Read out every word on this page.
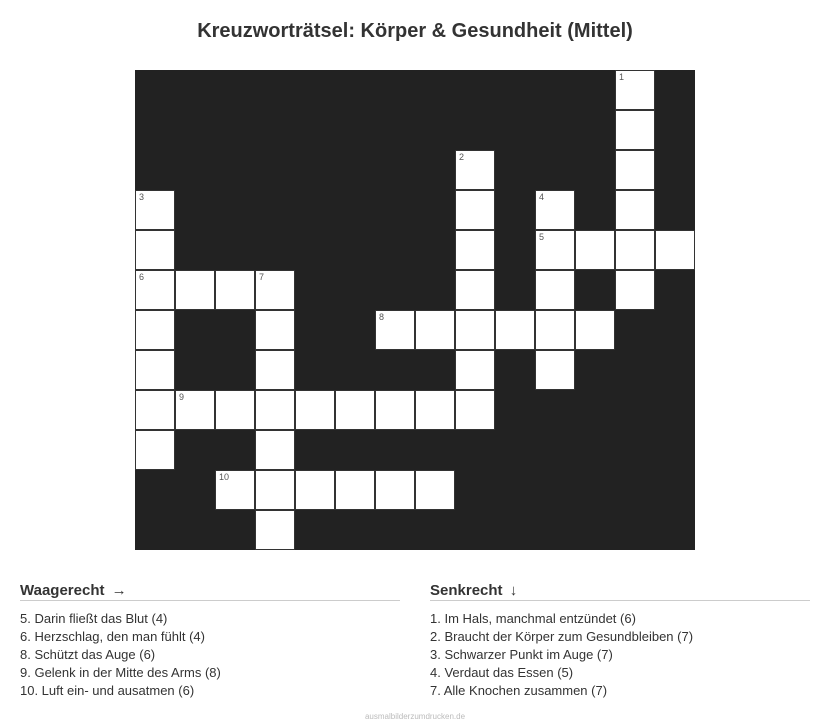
Kreuzworträtsel: Körper & Gesundheit (Mittel)
1
2
3	4
5
6	7
8
9
10
Waagerecht →
5. Darin fließt das Blut (4)
6. Herzschlag, den man fühlt (4)
8. Schützt das Auge (6)
9. Gelenk in der Mitte des Arms (8)
10. Luft ein- und ausatmen (6)
Senkrecht ↓
1. Im Hals, manchmal entzündet (6)
2. Braucht der Körper zum Gesundbleiben (7)
3. Schwarzer Punkt im Auge (7)
4. Verdaut das Essen (5)
7. Alle Knochen zusammen (7)
ausmalbilderzumdrucken.de
